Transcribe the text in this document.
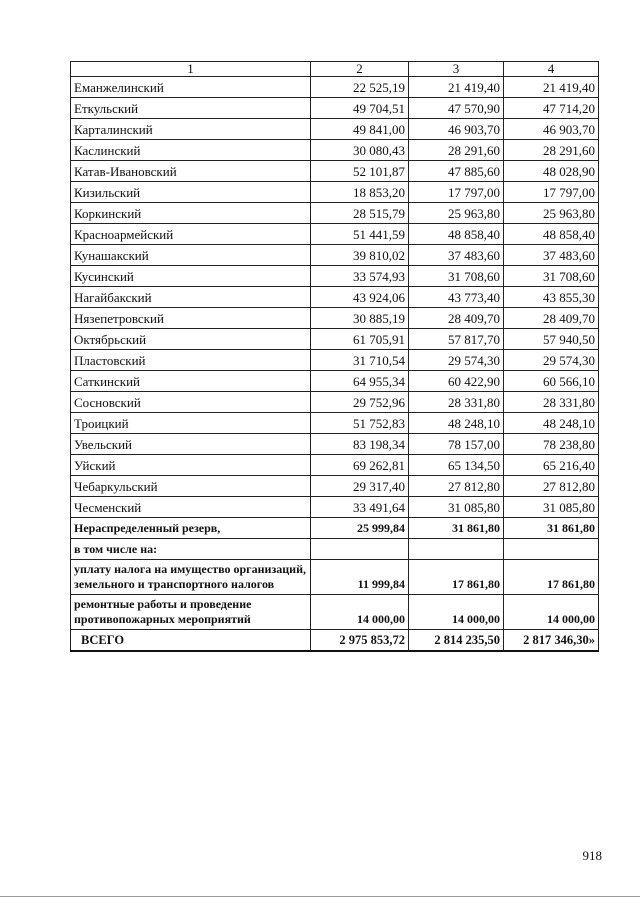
1	2	3	4
Еманжелинский	22 525,19	21 419,40	21 419,40
Еткульский	49 704,51	47 570,90	47 714,20
Карталинский	49 841,00	46 903,70	46 903,70
Каслинский	30 080,43	28 291,60	28 291,60
Катав-Ивановский	52 101,87	47 885,60	48 028,90
Кизильский	18 853,20	17 797,00	17 797,00
Коркинский	28 515,79	25 963,80	25 963,80
Красноармейский	51 441,59	48 858,40	48 858,40
Кунашакский	39 810,02	37 483,60	37 483,60
Кусинский	33 574,93	31 708,60	31 708,60
Нагайбакский	43 924,06	43 773,40	43 855,30
Нязепетровский	30 885,19	28 409,70	28 409,70
Октябрьский	61 705,91	57 817,70	57 940,50
Пластовский	31 710,54	29 574,30	29 574,30
Саткинский	64 955,34	60 422,90	60 566,10
Сосновский	29 752,96	28 331,80	28 331,80
Троицкий	51 752,83	48 248,10	48 248,10
Увельский	83 198,34	78 157,00	78 238,80
Уйский	69 262,81	65 134,50	65 216,40
Чебаркульский	29 317,40	27 812,80	27 812,80
Чесменский	33 491,64	31 085,80	31 085,80
Нераспределенный резерв,	25 999,84	31 861,80	31 861,80
в том числе на:			
уплату налога на имущество организаций, земельного и транспортного налогов	11 999,84	17 861,80	17 861,80
ремонтные работы и проведение противопожарных мероприятий	14 000,00	14 000,00	14 000,00
ВСЕГО	2 975 853,72	2 814 235,50	2 817 346,30»
918
